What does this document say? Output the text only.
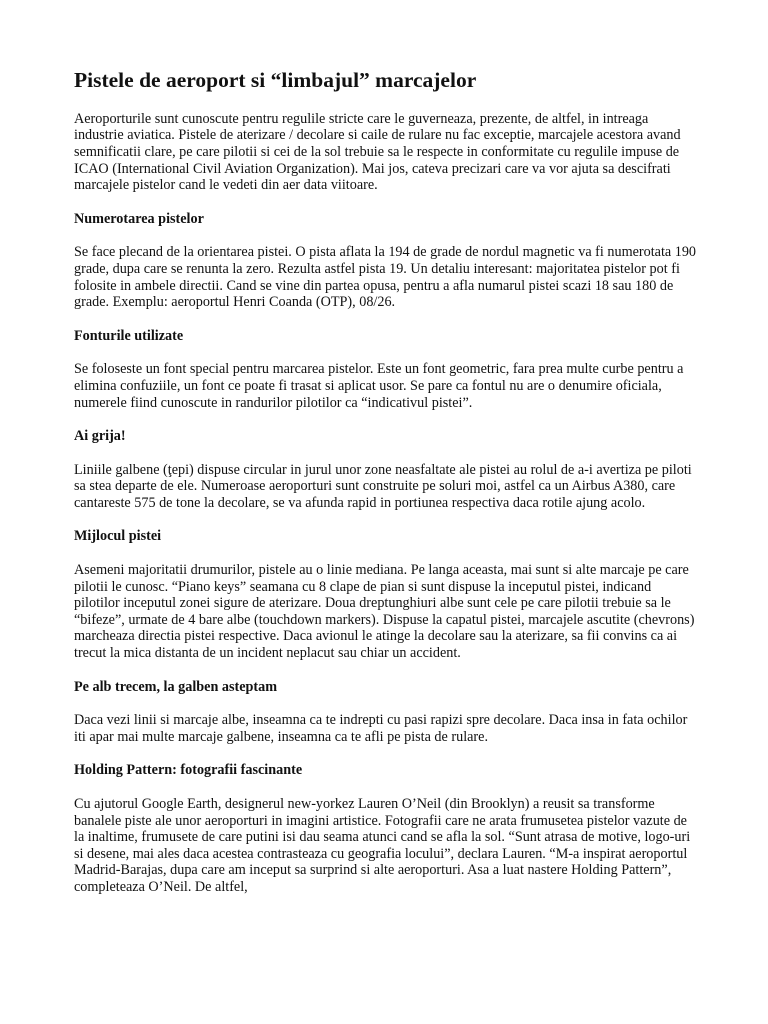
Pistele de aeroport si “limbajul” marcajelor

Aeroporturile sunt cunoscute pentru regulile stricte care le guverneaza, prezente, de altfel, in intreaga industrie aviatica. Pistele de aterizare / decolare si caile de rulare nu fac exceptie, marcajele acestora avand semnificatii clare, pe care pilotii si cei de la sol trebuie sa le respecte in conformitate cu regulile impuse de ICAO (International Civil Aviation Organization). Mai jos, cateva precizari care va vor ajuta sa descifrati marcajele pistelor cand le vedeti din aer data viitoare.

Numerotarea pistelor

Se face plecand de la orientarea pistei. O pista aflata la 194 de grade de nordul magnetic va fi numerotata 190 grade, dupa care se renunta la zero. Rezulta astfel pista 19. Un detaliu interesant: majoritatea pistelor pot fi folosite in ambele directii. Cand se vine din partea opusa, pentru a afla numarul pistei scazi 18 sau 180 de grade. Exemplu: aeroportul Henri Coanda (OTP), 08/26.

Fonturile utilizate

Se foloseste un font special pentru marcarea pistelor. Este un font geometric, fara prea multe curbe pentru a elimina confuziile, un font ce poate fi trasat si aplicat usor. Se pare ca fontul nu are o denumire oficiala, numerele fiind cunoscute in randurilor pilotilor ca “indicativul pistei”.

Ai grija!

Liniile galbene (ţepi) dispuse circular in jurul unor zone neasfaltate ale pistei au rolul de a-i avertiza pe piloti sa stea departe de ele. Numeroase aeroporturi sunt construite pe soluri moi, astfel ca un Airbus A380, care cantareste 575 de tone la decolare, se va afunda rapid in portiunea respectiva daca rotile ajung acolo.

Mijlocul pistei

Asemeni majoritatii drumurilor, pistele au o linie mediana. Pe langa aceasta, mai sunt si alte marcaje pe care pilotii le cunosc. “Piano keys” seamana cu 8 clape de pian si sunt dispuse la inceputul pistei, indicand pilotilor inceputul zonei sigure de aterizare. Doua dreptunghiuri albe sunt cele pe care pilotii trebuie sa le “bifeze”, urmate de 4 bare albe (touchdown markers). Dispuse la capatul pistei, marcajele ascutite (chevrons) marcheaza directia pistei respective. Daca avionul le atinge la decolare sau la aterizare, sa fii convins ca ai trecut la mica distanta de un incident neplacut sau chiar un accident.

Pe alb trecem, la galben asteptam

Daca vezi linii si marcaje albe, inseamna ca te indrepti cu pasi rapizi spre decolare. Daca insa in fata ochilor iti apar mai multe marcaje galbene, inseamna ca te afli pe pista de rulare.

Holding Pattern: fotografii fascinante

Cu ajutorul Google Earth, designerul new-yorkez Lauren O’Neil (din Brooklyn) a reusit sa transforme banalele piste ale unor aeroporturi in imagini artistice. Fotografii care ne arata frumusetea pistelor vazute de la inaltime, frumusete de care putini isi dau seama atunci cand se afla la sol. “Sunt atrasa de motive, logo-uri si desene, mai ales daca acestea contrasteaza cu geografia locului”, declara Lauren. “M-a inspirat aeroportul Madrid-Barajas, dupa care am inceput sa surprind si alte aeroporturi. Asa a luat nastere Holding Pattern”, completeaza O’Neil. De altfel,
